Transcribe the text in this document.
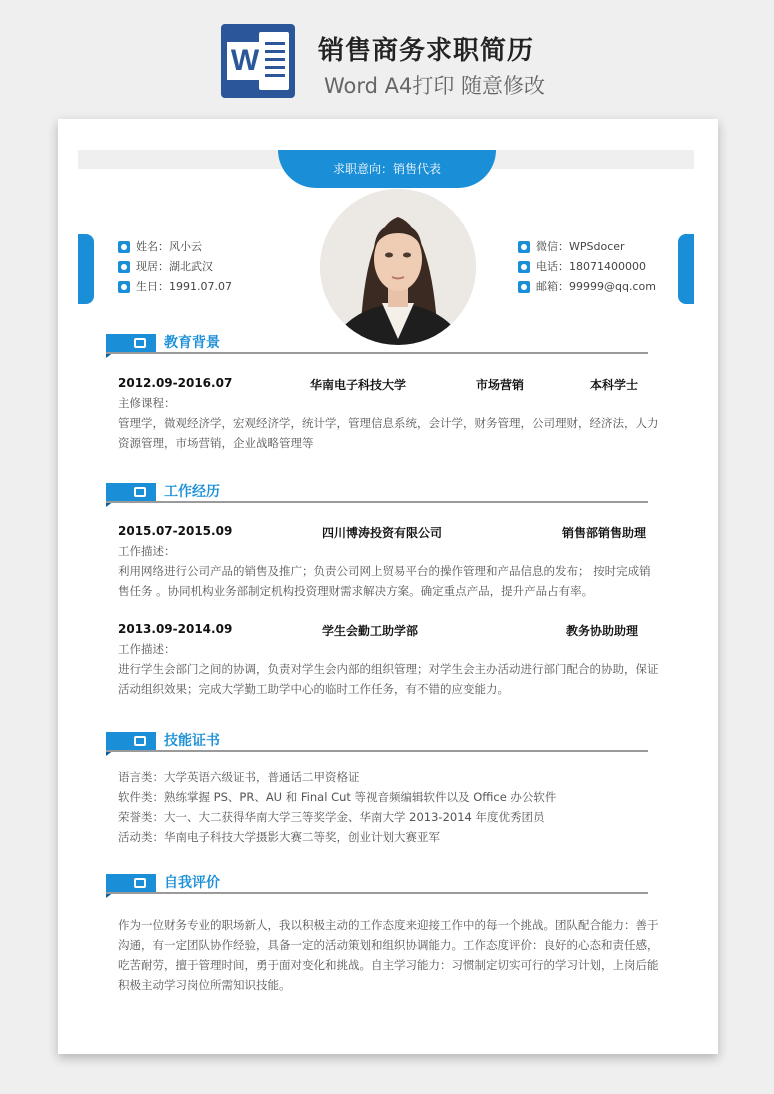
W 销售商务求职简历
Word A4打印 随意修改
求职意向：销售代表
姓名：风小云
现居：湖北武汉
生日：1991.07.07
微信：WPSdocer
电话：18071400000
邮箱：99999@qq.com
教育背景
2012.09-2016.07	华南电子科技大学	市场营销	本科学士
主修课程：
管理学，微观经济学，宏观经济学，统计学，管理信息系统，会计学，财务管理，公司理财，经济法，人力
资源管理，市场营销，企业战略管理等
工作经历
2015.07-2015.09	四川博涛投资有限公司	销售部销售助理
工作描述：
利用网络进行公司产品的销售及推广；负责公司网上贸易平台的操作管理和产品信息的发布； 按时完成销
售任务 。协同机构业务部制定机构投资理财需求解决方案。确定重点产品，提升产品占有率。
2013.09-2014.09	学生会勤工助学部	教务协助助理
工作描述：
进行学生会部门之间的协调，负责对学生会内部的组织管理；对学生会主办活动进行部门配合的协助，保证
活动组织效果；完成大学勤工助学中心的临时工作任务，有不错的应变能力。
技能证书
语言类：大学英语六级证书，普通话二甲资格证
软件类：熟练掌握 PS、PR、AU 和 Final Cut 等视音频编辑软件以及 Office 办公软件
荣誉类：大一、大二获得华南大学三等奖学金、华南大学 2013-2014 年度优秀团员
活动类：华南电子科技大学摄影大赛二等奖，创业计划大赛亚军
自我评价
作为一位财务专业的职场新人，我以积极主动的工作态度来迎接工作中的每一个挑战。团队配合能力：善于
沟通，有一定团队协作经验，具备一定的活动策划和组织协调能力。工作态度评价：良好的心态和责任感，
吃苦耐劳，擅于管理时间，勇于面对变化和挑战。自主学习能力：习惯制定切实可行的学习计划，上岗后能
积极主动学习岗位所需知识技能。
